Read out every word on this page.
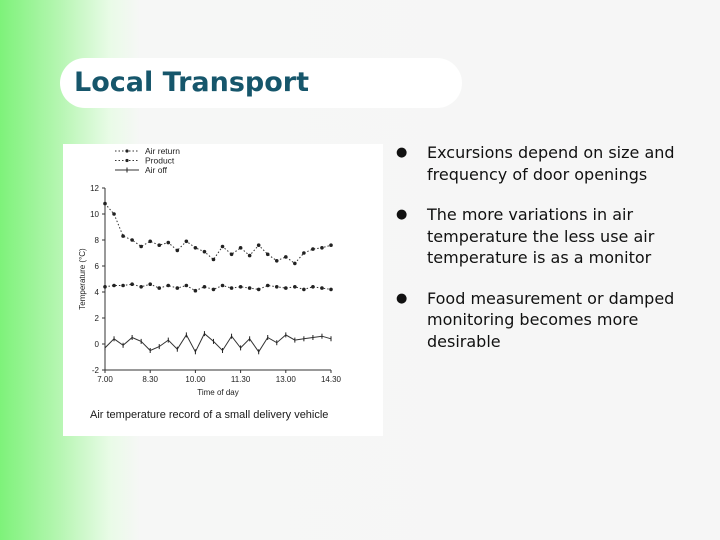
Local Transport
-2
0
2
4
6
8
10
12
7.00	8.30	10.00	11.30	13.00	14.30
Time of day
Temperature (°C)
Air return
Product
Air off
Air temperature record of a small delivery vehicle
● Excursions depend on size and frequency of door openings
● The more variations in air temperature the less use air temperature is as a monitor
● Food measurement or damped monitoring becomes more desirable
